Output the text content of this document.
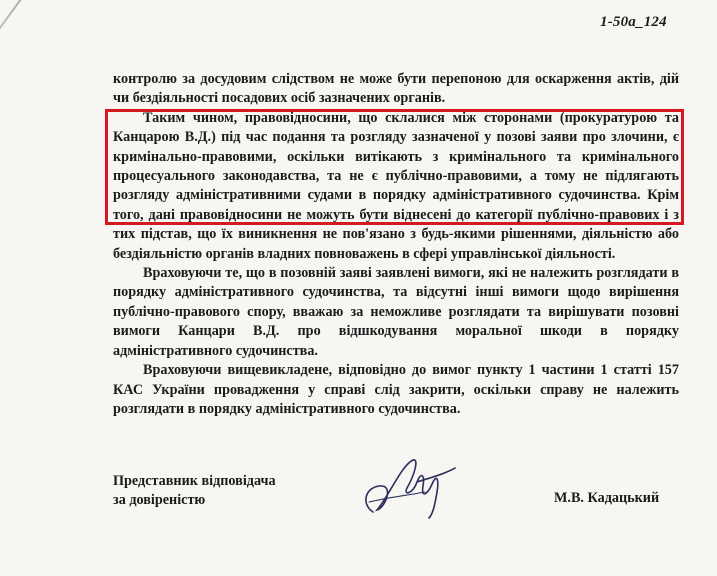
1-50а_124

контролю за досудовим слідством не може бути перепоною для оскарження актів, дій чи бездіяльності посадових осіб зазначених органів.

Таким чином, правовідносини, що склалися між сторонами (прокуратурою та Канцарою В.Д.) під час подання та розгляду зазначеної у позові заяви про злочини, є кримінально-правовими, оскільки витікають з кримінального та кримінального процесуального законодавства, та не є публічно-правовими, а тому не підлягають розгляду адміністративними судами в порядку адміністративного судочинства. Крім того, дані правовідносини не можуть бути віднесені до категорії публічно-правових і з тих підстав, що їх виникнення не пов'язано з будь-якими рішеннями, діяльністю або бездіяльністю органів владних повноважень в сфері управлінської діяльності.

Враховуючи те, що в позовній заяві заявлені вимоги, які не належить розглядати в порядку адміністративного судочинства, та відсутні інші вимоги щодо вирішення публічно-правового спору, вважаю за неможливе розглядати та вирішувати позовні вимоги Канцари В.Д. про відшкодування моральної шкоди в порядку адміністративного судочинства.

Враховуючи вищевикладене, відповідно до вимог пункту 1 частини 1 статті 157 КАС України провадження у справі слід закрити, оскільки справу не належить розглядати в порядку адміністративного судочинства.

Представник відповідача
за довіреністю	М.В. Кадацький
